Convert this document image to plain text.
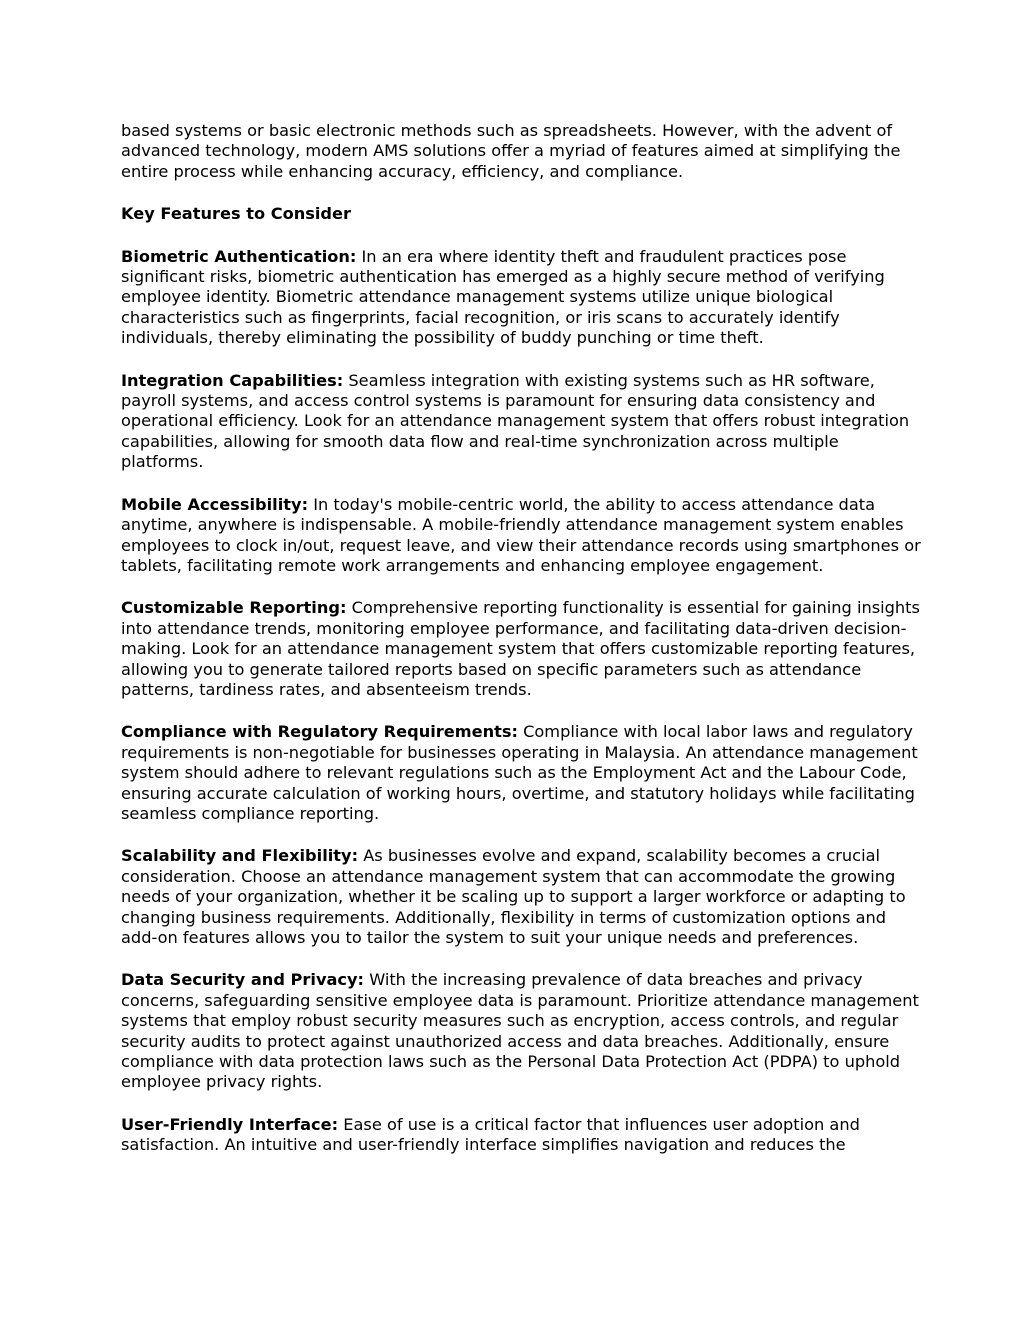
based systems or basic electronic methods such as spreadsheets. However, with the advent of advanced technology, modern AMS solutions offer a myriad of features aimed at simplifying the entire process while enhancing accuracy, efficiency, and compliance.

Key Features to Consider

Biometric Authentication: In an era where identity theft and fraudulent practices pose significant risks, biometric authentication has emerged as a highly secure method of verifying employee identity. Biometric attendance management systems utilize unique biological characteristics such as fingerprints, facial recognition, or iris scans to accurately identify individuals, thereby eliminating the possibility of buddy punching or time theft.

Integration Capabilities: Seamless integration with existing systems such as HR software, payroll systems, and access control systems is paramount for ensuring data consistency and operational efficiency. Look for an attendance management system that offers robust integration capabilities, allowing for smooth data flow and real-time synchronization across multiple platforms.

Mobile Accessibility: In today's mobile-centric world, the ability to access attendance data anytime, anywhere is indispensable. A mobile-friendly attendance management system enables employees to clock in/out, request leave, and view their attendance records using smartphones or tablets, facilitating remote work arrangements and enhancing employee engagement.

Customizable Reporting: Comprehensive reporting functionality is essential for gaining insights into attendance trends, monitoring employee performance, and facilitating data-driven decision-making. Look for an attendance management system that offers customizable reporting features, allowing you to generate tailored reports based on specific parameters such as attendance patterns, tardiness rates, and absenteeism trends.

Compliance with Regulatory Requirements: Compliance with local labor laws and regulatory requirements is non-negotiable for businesses operating in Malaysia. An attendance management system should adhere to relevant regulations such as the Employment Act and the Labour Code, ensuring accurate calculation of working hours, overtime, and statutory holidays while facilitating seamless compliance reporting.

Scalability and Flexibility: As businesses evolve and expand, scalability becomes a crucial consideration. Choose an attendance management system that can accommodate the growing needs of your organization, whether it be scaling up to support a larger workforce or adapting to changing business requirements. Additionally, flexibility in terms of customization options and add-on features allows you to tailor the system to suit your unique needs and preferences.

Data Security and Privacy: With the increasing prevalence of data breaches and privacy concerns, safeguarding sensitive employee data is paramount. Prioritize attendance management systems that employ robust security measures such as encryption, access controls, and regular security audits to protect against unauthorized access and data breaches. Additionally, ensure compliance with data protection laws such as the Personal Data Protection Act (PDPA) to uphold employee privacy rights.

User-Friendly Interface: Ease of use is a critical factor that influences user adoption and satisfaction. An intuitive and user-friendly interface simplifies navigation and reduces the
